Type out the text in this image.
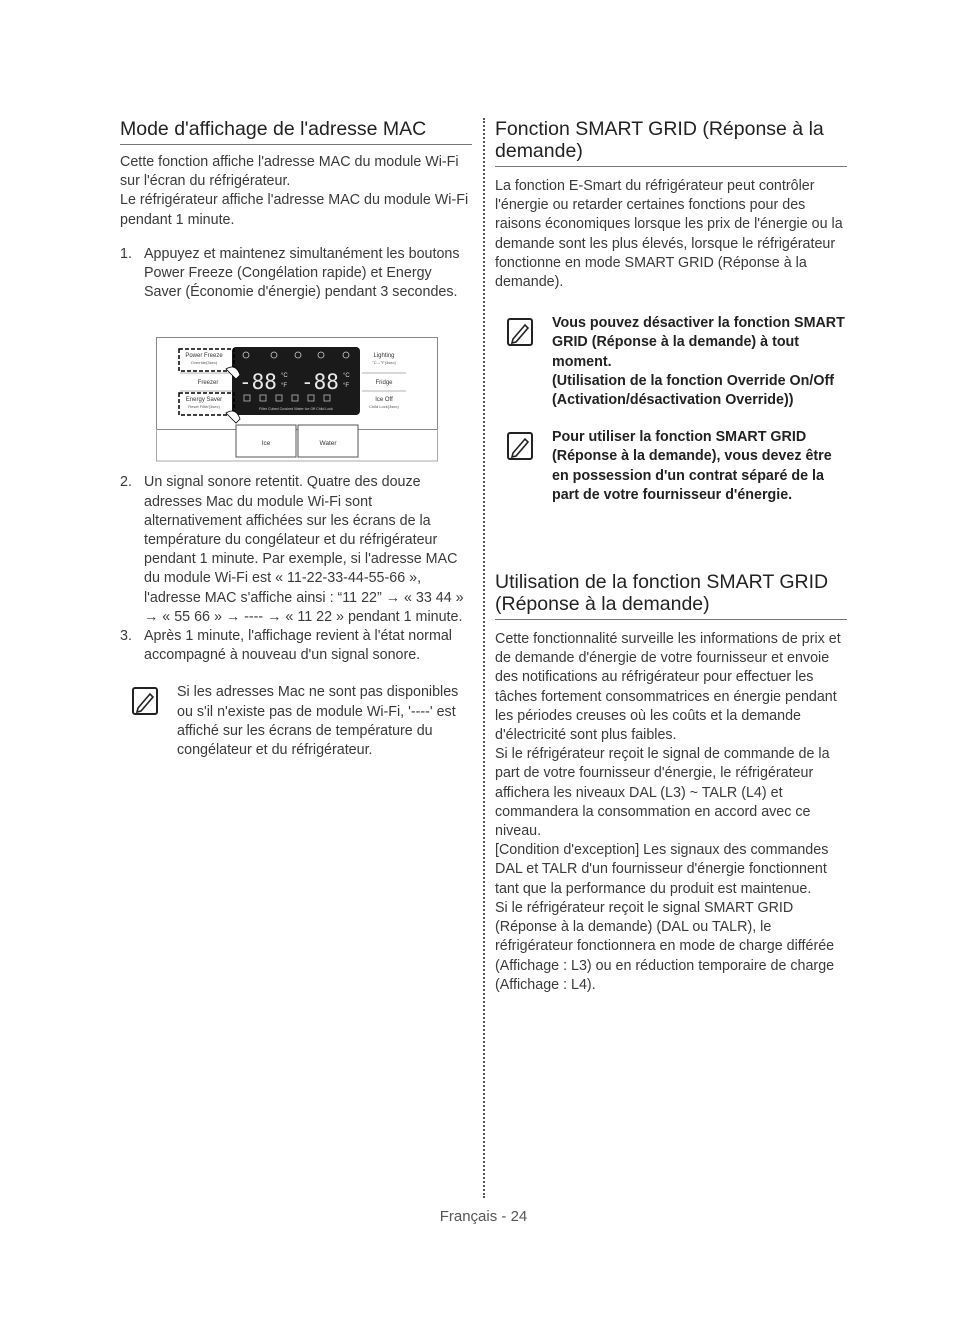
Mode d'affichage de l'adresse MAC

Cette fonction affiche l'adresse MAC du module Wi-Fi sur l'écran du réfrigérateur.

Le réfrigérateur affiche l'adresse MAC du module Wi-Fi pendant 1 minute.

1. Appuyez et maintenez simultanément les boutons Power Freeze (Congélation rapide) et Energy Saver (Économie d'énergie) pendant 3 secondes.
Power Freeze
Override(3sec)
Freezer
Energy Saver
Reset Filter(3sec)
-88 °C
°F -88 °C
°F
Filter Cubed Crushed Water Ice Off Child Lock
Lighting
°C↔°F(3sec)
Fridge
Ice Off
Child Lock(3sec)
Ice	Water
2. Un signal sonore retentit. Quatre des douze adresses Mac du module Wi-Fi sont alternativement affichées sur les écrans de la température du congélateur et du réfrigérateur pendant 1 minute. Par exemple, si l'adresse MAC du module Wi-Fi est « 11-22-33-44-55-66 », l'adresse MAC s'affiche ainsi : “11 22” → « 33 44 » → « 55 66 » → ---- → « 11 22 » pendant 1 minute.
3. Après 1 minute, l'affichage revient à l'état normal accompagné à nouveau d'un signal sonore.
Si les adresses Mac ne sont pas disponibles ou s'il n'existe pas de module Wi-Fi, '----' est affiché sur les écrans de température du congélateur et du réfrigérateur.
Fonction SMART GRID (Réponse à la demande)

La fonction E-Smart du réfrigérateur peut contrôler l'énergie ou retarder certaines fonctions pour des raisons économiques lorsque les prix de l'énergie ou la demande sont les plus élevés, lorsque le réfrigérateur fonctionne en mode SMART GRID (Réponse à la demande).

Vous pouvez désactiver la fonction SMART GRID (Réponse à la demande) à tout moment.
(Utilisation de la fonction Override On/Off (Activation/désactivation Override))
Pour utiliser la fonction SMART GRID (Réponse à la demande), vous devez être en possession d'un contrat séparé de la part de votre fournisseur d'énergie.
Utilisation de la fonction SMART GRID (Réponse à la demande)

Cette fonctionnalité surveille les informations de prix et de demande d'énergie de votre fournisseur et envoie des notifications au réfrigérateur pour effectuer les tâches fortement consommatrices en énergie pendant les périodes creuses où les coûts et la demande d'électricité sont plus faibles.

Si le réfrigérateur reçoit le signal de commande de la part de votre fournisseur d'énergie, le réfrigérateur affichera les niveaux DAL (L3) ~ TALR (L4) et commandera la consommation en accord avec ce niveau.

[Condition d'exception] Les signaux des commandes DAL et TALR d'un fournisseur d'énergie fonctionnent tant que la performance du produit est maintenue.

Si le réfrigérateur reçoit le signal SMART GRID (Réponse à la demande) (DAL ou TALR), le réfrigérateur fonctionnera en mode de charge différée (Affichage : L3) ou en réduction temporaire de charge (Affichage : L4).

Français - 24
